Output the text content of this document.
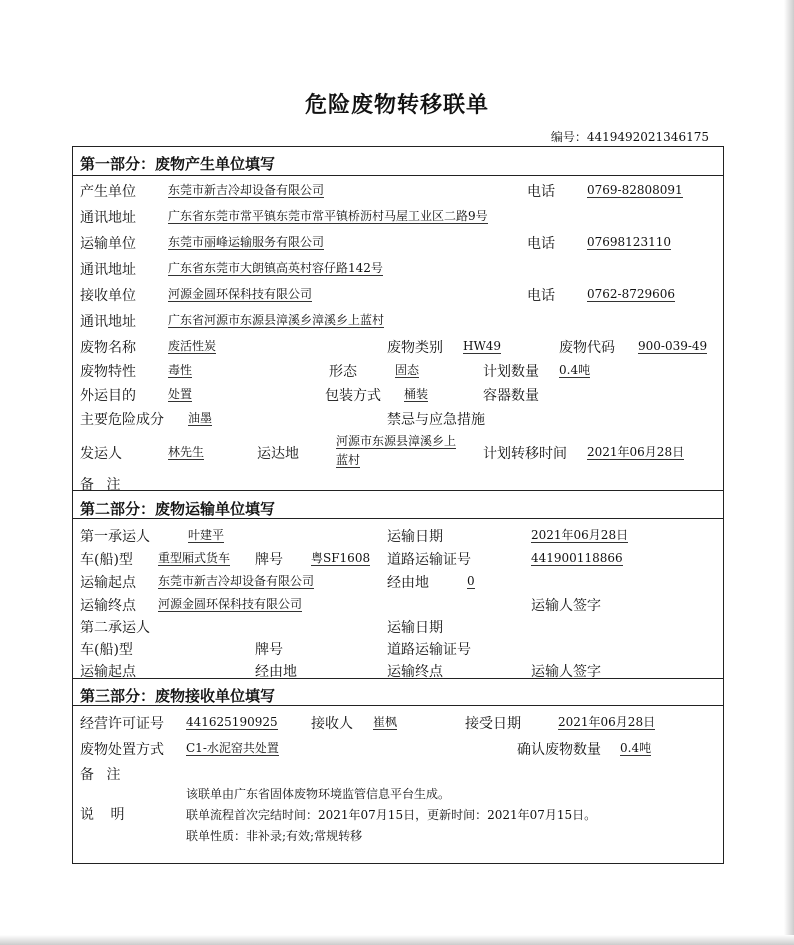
危险废物转移联单
编号：4419492021346175
第一部分：废物产生单位填写
产生单位	东莞市新吉冷却设备有限公司	电话	0769-82808091
通讯地址	广东省东莞市常平镇东莞市常平镇桥沥村马屋工业区二路9号
运输单位	东莞市丽峰运输服务有限公司	电话	07698123110
通讯地址	广东省东莞市大朗镇高英村容仔路142号
接收单位	河源金圆环保科技有限公司	电话	0762-8729606
通讯地址	广东省河源市东源县漳溪乡漳溪乡上蓝村
废物名称	废活性炭	废物类别 HW49	废物代码 900-039-49
废物特性	毒性	形态	固态	计划数量 0.4吨
外运目的	处置	包装方式 桶装	容器数量
主要危险成分 油墨	禁忌与应急措施
发运人	林先生	运达地
河源市东源县漳溪乡上
蓝村	计划转移时间 2021年06月28日
备 注
第二部分：废物运输单位填写
第一承运人	叶建平	运输日期	2021年06月28日
车(船)型 重型厢式货车 牌号 粤SF1608 道路运输证号	441900118866
运输起点 东莞市新吉冷却设备有限公司	经由地	0
运输终点 河源金圆环保科技有限公司	运输人签字
第二承运人	运输日期
车(船)型	牌号	道路运输证号
运输起点	经由地	运输终点	运输人签字
第三部分：废物接收单位填写
经营许可证号 441625190925 接收人 崔枫	接受日期	2021年06月28日
废物处置方式 C1-水泥窑共处置	确认废物数量 0.4吨
备 注
说 明
该联单由广东省固体废物环境监管信息平台生成。
联单流程首次完结时间：2021年07月15日，更新时间：2021年07月15日。
联单性质：非补录;有效;常规转移
